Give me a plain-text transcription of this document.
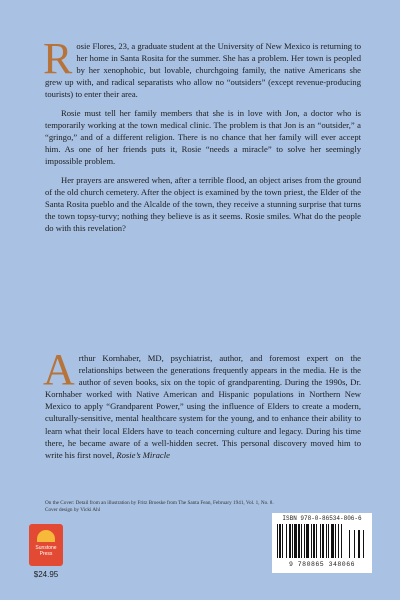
Rosie Flores, 23, a graduate student at the University of New Mexico is returning to her home in Santa Rosita for the summer. She has a problem. Her town is peopled by her xenophobic, but lovable, churchgoing family, the native Americans she grew up with, and radical separatists who allow no “outsiders” (except revenue-producing tourists) to enter their area.

Rosie must tell her family members that she is in love with Jon, a doctor who is temporarily working at the town medical clinic. The problem is that Jon is an “outsider,” a “gringo,” and of a different religion. There is no chance that her family will ever accept him. As one of her friends puts it, Rosie “needs a miracle” to solve her seemingly impossible problem.

Her prayers are answered when, after a terrible flood, an object arises from the ground of the old church cemetery. After the object is examined by the town priest, the Elder of the Santa Rosita pueblo and the Alcalde of the town, they receive a stunning surprise that turns the town topsy-turvy; nothing they believe is as it seems. Rosie smiles. What do the people do with this revelation?

Arthur Kornhaber, MD, psychiatrist, author, and foremost expert on the relationships between the generations frequently appears in the media. He is the author of seven books, six on the topic of grandparenting. During the 1990s, Dr. Kornhaber worked with Native American and Hispanic populations in Northern New Mexico to apply “Grandparent Power,” using the influence of Elders to create a modern, culturally-sensitive, mental healthcare system for the young, and to enhance their ability to learn what their local Elders have to teach concerning culture and legacy. During his time there, he became aware of a well-hidden secret. This personal discovery moved him to write his first novel, Rosie’s Miracle

On the Cover: Detail from an illustration by Fritz Broeske from The Santa Fean, February 1941, Vol. 1, No. 8.
Cover design by Vicki Ahl
Sunstone
Press
$24.95
ISBN 978-0-86534-806-6
9 780865 348066
